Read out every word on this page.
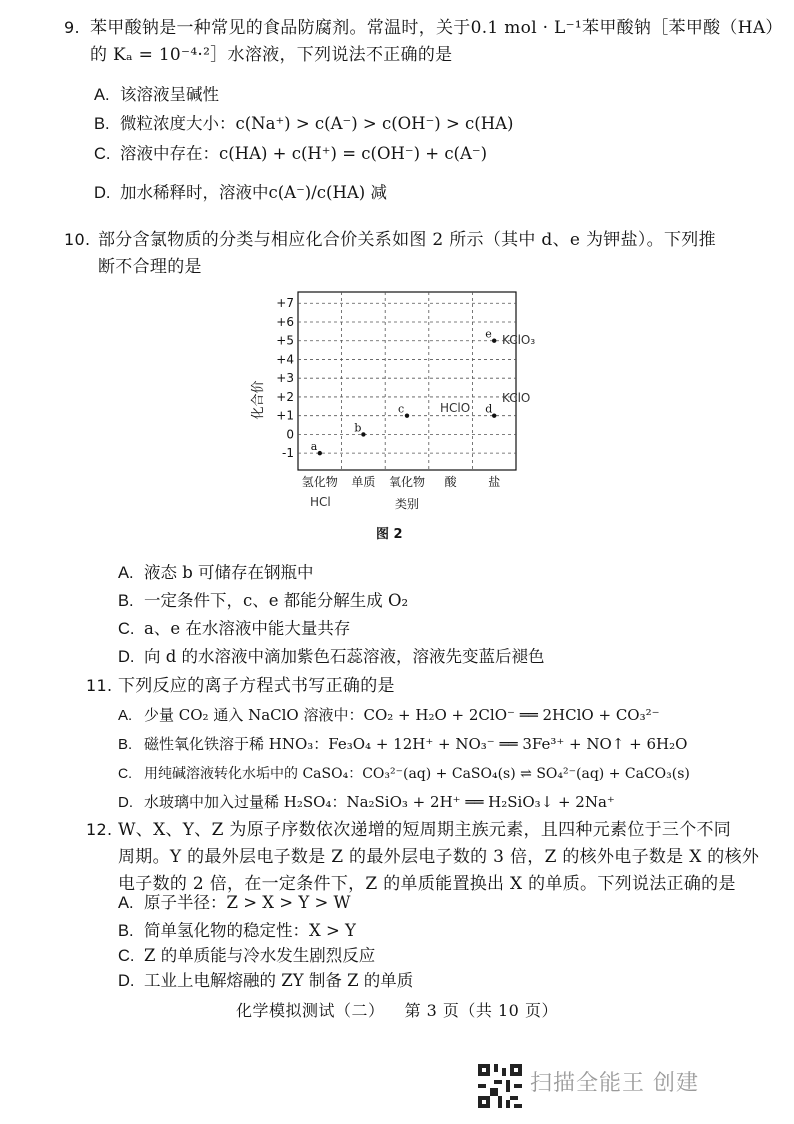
9. 苯甲酸钠是一种常见的食品防腐剂。常温时，关于0.1 mol · L⁻¹苯甲酸钠［苯甲酸（HA）
的 Kₐ = 10⁻⁴·²］水溶液，下列说法不正确的是
A. 该溶液呈碱性
B. 微粒浓度大小：c(Na⁺) > c(A⁻) > c(OH⁻) > c(HA)
C. 溶液中存在：c(HA) + c(H⁺) = c(OH⁻) + c(A⁻)
D. 加水稀释时，溶液中c(A⁻)/c(HA) 减
10. 部分含氯物质的分类与相应化合价关系如图 2 所示（其中 d、e 为钾盐）。下列推
断不合理的是
化合价
+7
+6
+5
+4
+3
+2
+1
0
-1
氢化物 单质 氧化物 酸	盐
a
b
c	d
e
类别
HCl
HClO
KClO₃
KClO
图 2
A. 液态 b 可储存在钢瓶中
B. 一定条件下，c、e 都能分解生成 O₂
C. a、e 在水溶液中能大量共存
D. 向 d 的水溶液中滴加紫色石蕊溶液，溶液先变蓝后褪色
11. 下列反应的离子方程式书写正确的是
A. 少量 CO₂ 通入 NaClO 溶液中：CO₂ + H₂O + 2ClO⁻ ══ 2HClO + CO₃²⁻
B. 磁性氧化铁溶于稀 HNO₃：Fe₃O₄ + 12H⁺ + NO₃⁻ ══ 3Fe³⁺ + NO↑ + 6H₂O
C. 用纯碱溶液转化水垢中的 CaSO₄：CO₃²⁻(aq) + CaSO₄(s) ⇌ SO₄²⁻(aq) + CaCO₃(s)
D. 水玻璃中加入过量稀 H₂SO₄：Na₂SiO₃ + 2H⁺ ══ H₂SiO₃↓ + 2Na⁺
12. W、X、Y、Z 为原子序数依次递增的短周期主族元素，且四种元素位于三个不同
周期。Y 的最外层电子数是 Z 的最外层电子数的 3 倍，Z 的核外电子数是 X 的核外
电子数的 2 倍，在一定条件下，Z 的单质能置换出 X 的单质。下列说法正确的是
A. 原子半径：Z > X > Y > W
B. 简单氢化物的稳定性：X > Y
C. Z 的单质能与冷水发生剧烈反应
D. 工业上电解熔融的 ZY 制备 Z 的单质
化学模拟测试（二） 第 3 页（共 10 页）
扫描全能王 创建
